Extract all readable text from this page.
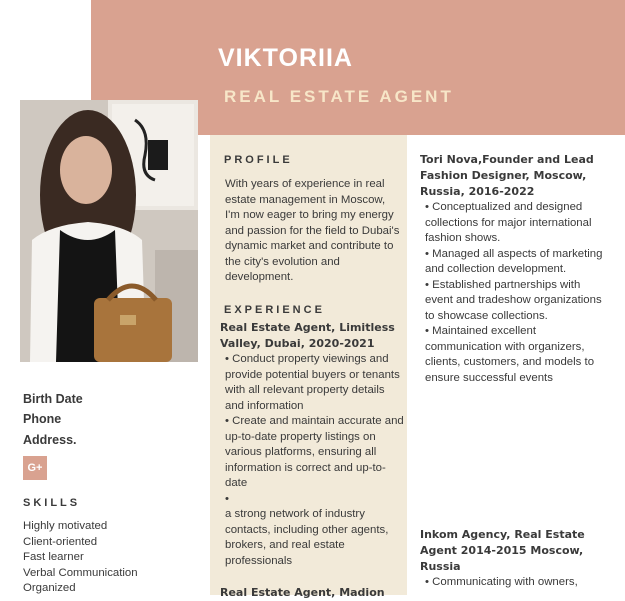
VIKTORIIA
REAL ESTATE AGENT
Birth Date
Phone
Address.
G+
SKILLS
Highly motivated
Client-oriented
Fast learner
Verbal Communication
Organized
PROFILE
With years of experience in real estate management in Moscow, I'm now eager to bring my energy and passion for the field to Dubai's dynamic market and contribute to the city's evolution and development.
EXPERIENCE
Real Estate Agent, Limitless Valley, Dubai, 2020-2021
• Conduct property viewings and provide potential buyers or tenants with all relevant property details and information
• Create and maintain accurate and up-to-date property listings on various platforms, ensuring all information is correct and up-to-date
•
a strong network of industry contacts, including other agents, brokers, and real estate professionals
Real Estate Agent, Madion
Tori Nova,Founder and Lead Fashion Designer, Moscow, Russia, 2016-2022
• Conceptualized and designed collections for major international fashion shows.
• Managed all aspects of marketing and collection development.
• Established partnerships with event and tradeshow organizations to showcase collections.
• Maintained excellent communication with organizers, clients, customers, and models to ensure successful events
Inkom Agency, Real Estate Agent 2014-2015 Moscow, Russia
• Communicating with owners,
